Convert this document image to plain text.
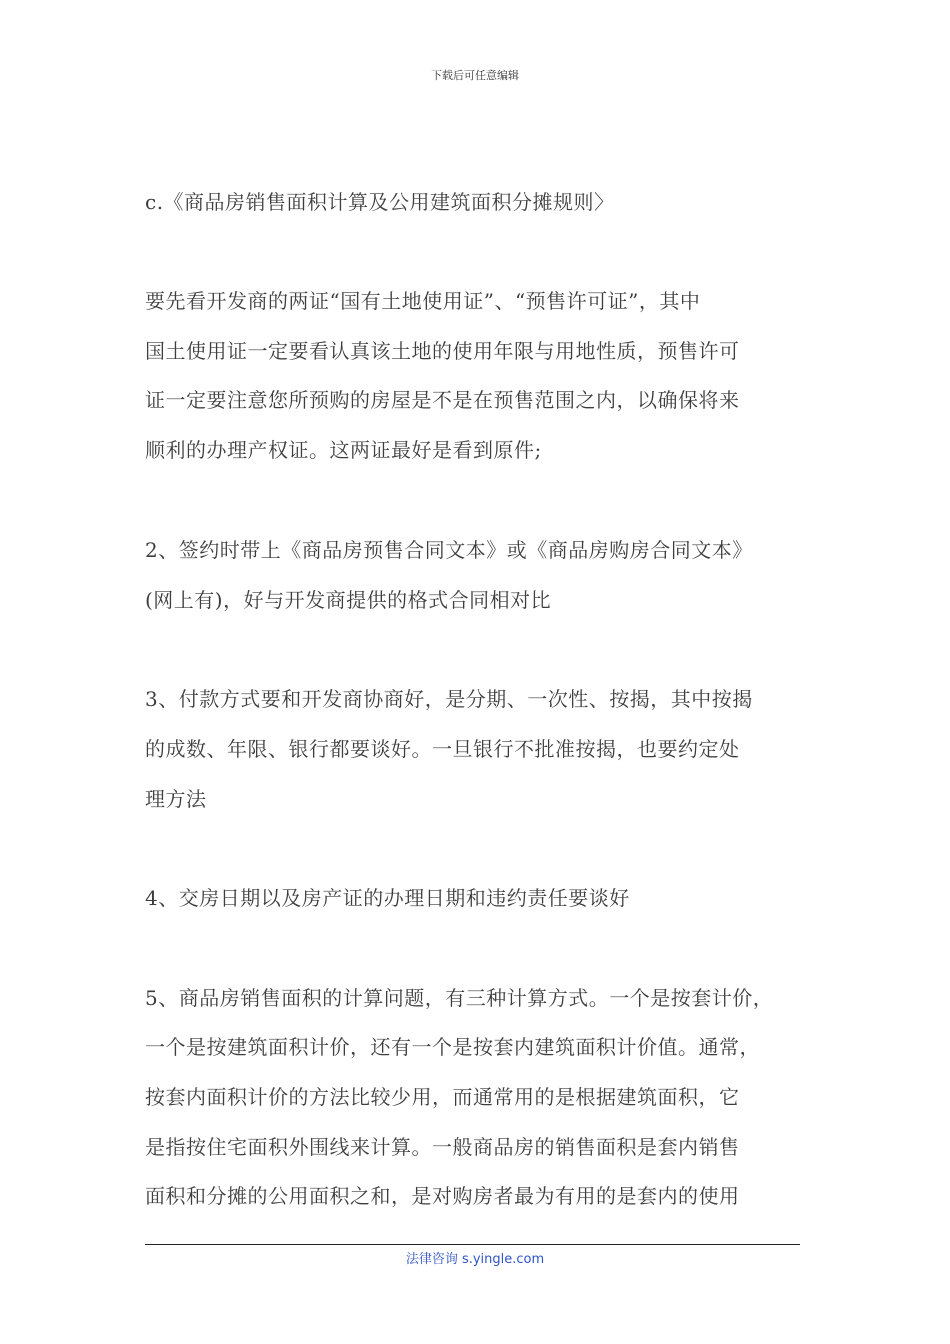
下载后可任意编辑
c.《商品房销售面积计算及公用建筑面积分摊规则〉
要先看开发商的两证“国有土地使用证”、“预售许可证”，其中
国土使用证一定要看认真该土地的使用年限与用地性质，预售许可
证一定要注意您所预购的房屋是不是在预售范围之内，以确保将来
顺利的办理产权证。这两证最好是看到原件;
2、签约时带上《商品房预售合同文本》或《商品房购房合同文本》
(网上有)，好与开发商提供的格式合同相对比
3、付款方式要和开发商协商好，是分期、一次性、按揭，其中按揭
的成数、年限、银行都要谈好。一旦银行不批准按揭，也要约定处
理方法
4、交房日期以及房产证的办理日期和违约责任要谈好
5、商品房销售面积的计算问题，有三种计算方式。一个是按套计价，
一个是按建筑面积计价，还有一个是按套内建筑面积计价值。通常，
按套内面积计价的方法比较少用，而通常用的是根据建筑面积，它
是指按住宅面积外围线来计算。一般商品房的销售面积是套内销售
面积和分摊的公用面积之和，是对购房者最为有用的是套内的使用
法律咨询 s.yingle.com
